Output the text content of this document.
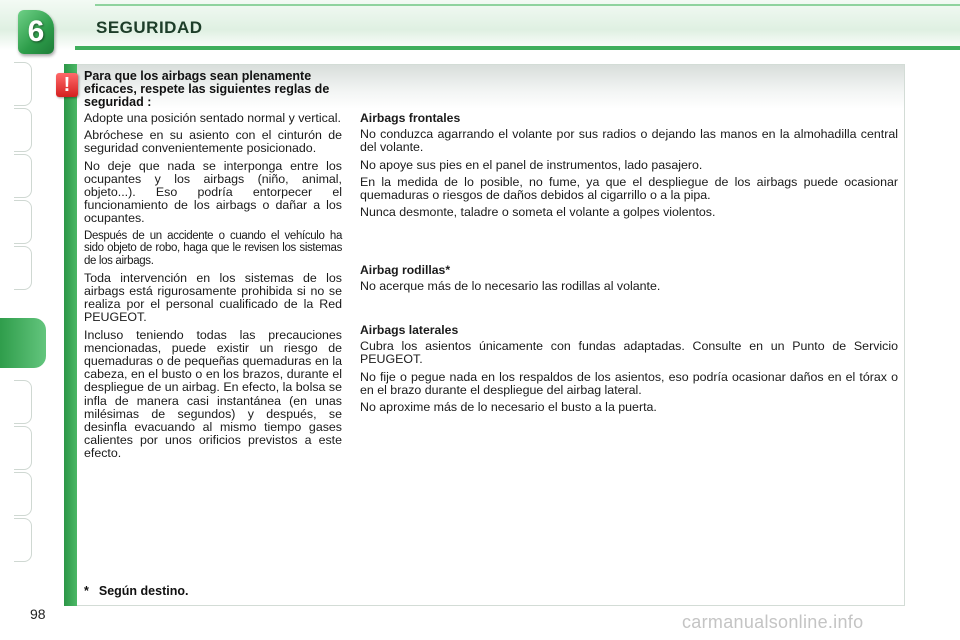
6	SEGURIDAD
!	Para que los airbags sean plenamente eficaces, respete las siguientes reglas de seguridad :

Adopte una posición sentado normal y vertical.

Abróchese en su asiento con el cinturón de seguridad convenientemente posicionado.

No deje que nada se interponga entre los ocupantes y los airbags (niño, animal, objeto...). Eso podría entorpecer el funcionamiento de los airbags o dañar a los ocupantes.

Después de un accidente o cuando el vehículo ha sido objeto de robo, haga que le revisen los sistemas de los airbags.

Toda intervención en los sistemas de los airbags está rigurosamente prohibida si no se realiza por el personal cualificado de la Red PEUGEOT.

Incluso teniendo todas las precauciones mencionadas, puede existir un riesgo de quemaduras o de pequeñas quemaduras en la cabeza, en el busto o en los brazos, durante el despliegue de un airbag. En efecto, la bolsa se infla de manera casi instantánea (en unas milésimas de segundos) y después, se desinfla evacuando al mismo tiempo gases calientes por unos orificios previstos a este efecto.

Airbags frontales

No conduzca agarrando el volante por sus radios o dejando las manos en la almohadilla central del volante.

No apoye sus pies en el panel de instrumentos, lado pasajero.

En la medida de lo posible, no fume, ya que el despliegue de los airbags puede ocasionar quemaduras o riesgos de daños debidos al cigarrillo o a la pipa.

Nunca desmonte, taladre o someta el volante a golpes violentos.

Airbag rodillas*

No acerque más de lo necesario las rodillas al volante.

Airbags laterales

Cubra los asientos únicamente con fundas adaptadas. Consulte en un Punto de Servicio PEUGEOT.

No fije o pegue nada en los respaldos de los asientos, eso podría ocasionar daños en el tórax o en el brazo durante el despliegue del airbag lateral.

No aproxime más de lo necesario el busto a la puerta.

* Según destino.
98	carmanualsonline.info
